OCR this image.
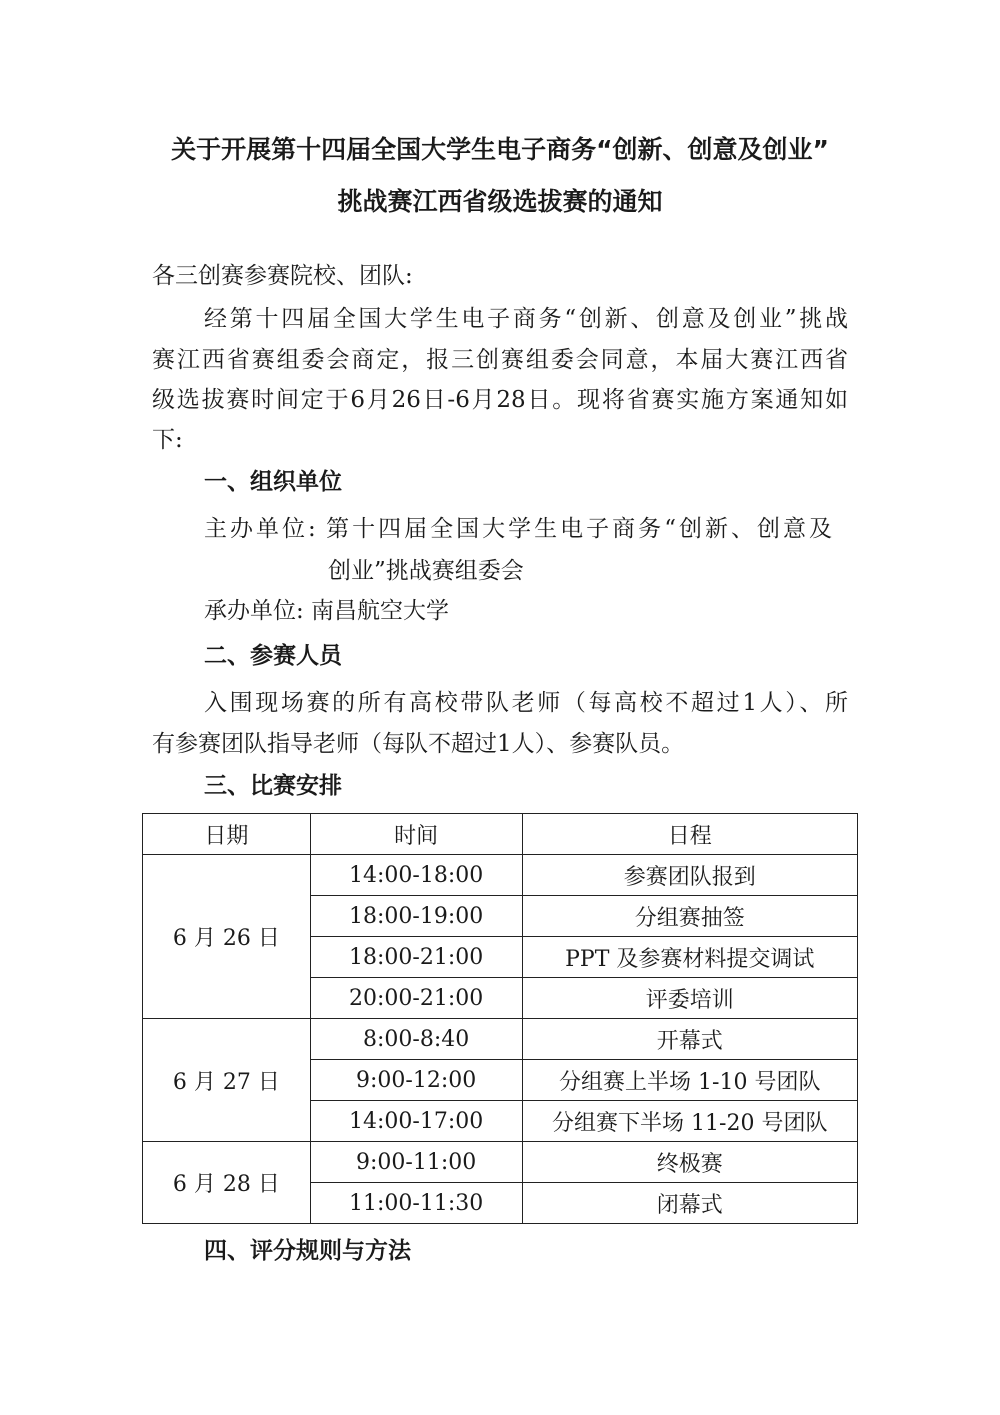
关于开展第十四届全国大学生电子商务“创新、创意及创业”
挑战赛江西省级选拔赛的通知
各三创赛参赛院校、团队:
经第十四届全国大学生电子商务“创新、创意及创业”挑战
赛江西省赛组委会商定，报三创赛组委会同意，本届大赛江西省
级选拔赛时间定于6月26日-6月28日。现将省赛实施方案通知如
下:
一、组织单位
主办单位: 第十四届全国大学生电子商务“创新、创意及
创业”挑战赛组委会
承办单位: 南昌航空大学
二、参赛人员
入围现场赛的所有高校带队老师（每高校不超过1人）、所
有参赛团队指导老师（每队不超过1人）、参赛队员。
三、比赛安排
日期	时间	日程
6 月 26 日	14:00-18:00	参赛团队报到
	18:00-19:00	分组赛抽签
	18:00-21:00	PPT 及参赛材料提交调试
	20:00-21:00	评委培训
6 月 27 日	8:00-8:40	开幕式
	9:00-12:00	分组赛上半场 1-10 号团队
	14:00-17:00	分组赛下半场 11-20 号团队
6 月 28 日	9:00-11:00	终极赛
	11:00-11:30	闭幕式
四、评分规则与方法
